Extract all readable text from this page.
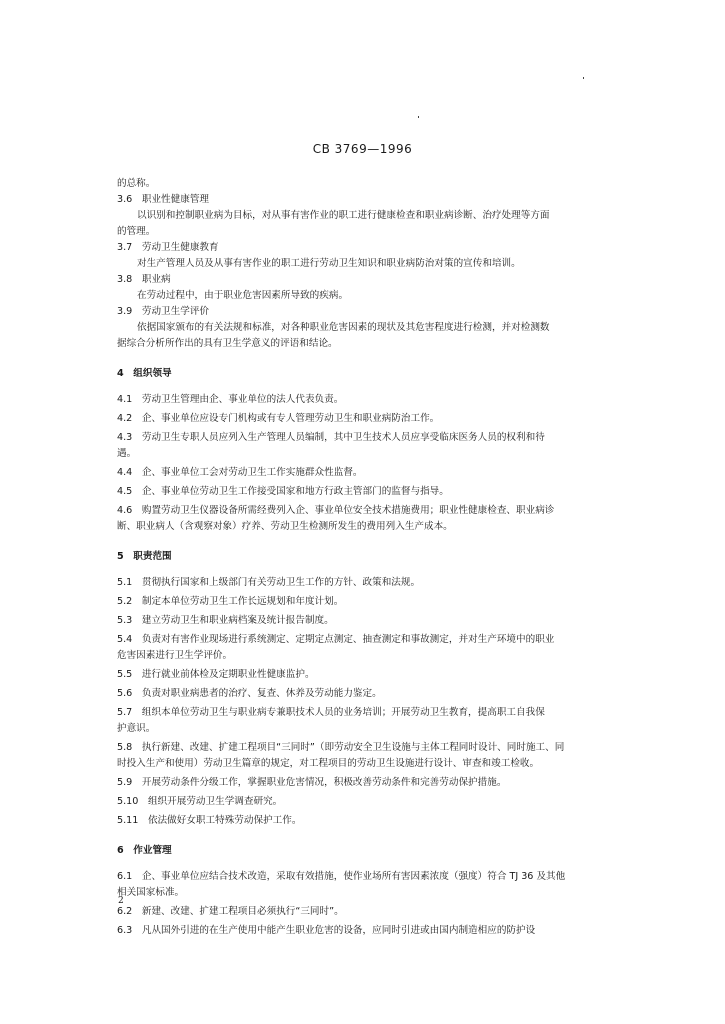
CB 3769—1996
的总称。
3.6　职业性健康管理
以识别和控制职业病为目标，对从事有害作业的职工进行健康检查和职业病诊断、治疗处理等方面
的管理。
3.7　劳动卫生健康教育
对生产管理人员及从事有害作业的职工进行劳动卫生知识和职业病防治对策的宣传和培训。
3.8　职业病
在劳动过程中，由于职业危害因素所导致的疾病。
3.9　劳动卫生学评价
依据国家颁布的有关法规和标准，对各种职业危害因素的现状及其危害程度进行检测，并对检测数
据综合分析所作出的具有卫生学意义的评语和结论。
4　组织领导
4.1　劳动卫生管理由企、事业单位的法人代表负责。
4.2　企、事业单位应设专门机构或有专人管理劳动卫生和职业病防治工作。
4.3　劳动卫生专职人员应列入生产管理人员编制，其中卫生技术人员应享受临床医务人员的权利和待
遇。
4.4　企、事业单位工会对劳动卫生工作实施群众性监督。
4.5　企、事业单位劳动卫生工作接受国家和地方行政主管部门的监督与指导。
4.6　购置劳动卫生仪器设备所需经费列入企、事业单位安全技术措施费用；职业性健康检查、职业病诊
断、职业病人（含观察对象）疗养、劳动卫生检测所发生的费用列入生产成本。
5　职责范围
5.1　贯彻执行国家和上级部门有关劳动卫生工作的方针、政策和法规。
5.2　制定本单位劳动卫生工作长远规划和年度计划。
5.3　建立劳动卫生和职业病档案及统计报告制度。
5.4　负责对有害作业现场进行系统测定、定期定点测定、抽查测定和事故测定，并对生产环境中的职业
危害因素进行卫生学评价。
5.5　进行就业前体检及定期职业性健康监护。
5.6　负责对职业病患者的治疗、复查、休养及劳动能力鉴定。
5.7　组织本单位劳动卫生与职业病专兼职技术人员的业务培训；开展劳动卫生教育，提高职工自我保
护意识。
5.8　执行新建、改建、扩建工程项目“三同时”（即劳动安全卫生设施与主体工程同时设计、同时施工、同
时投入生产和使用）劳动卫生篇章的规定，对工程项目的劳动卫生设施进行设计、审查和竣工检收。
5.9　开展劳动条件分级工作，掌握职业危害情况，积极改善劳动条件和完善劳动保护措施。
5.10　组织开展劳动卫生学调查研究。
5.11　依法做好女职工特殊劳动保护工作。
6　作业管理
6.1　企、事业单位应结合技术改造，采取有效措施，使作业场所有害因素浓度（强度）符合 TJ 36 及其他
相关国家标准。
6.2　新建、改建、扩建工程项目必须执行“三同时”。
6.3　凡从国外引进的在生产使用中能产生职业危害的设备，应同时引进或由国内制造相应的防护设
2
